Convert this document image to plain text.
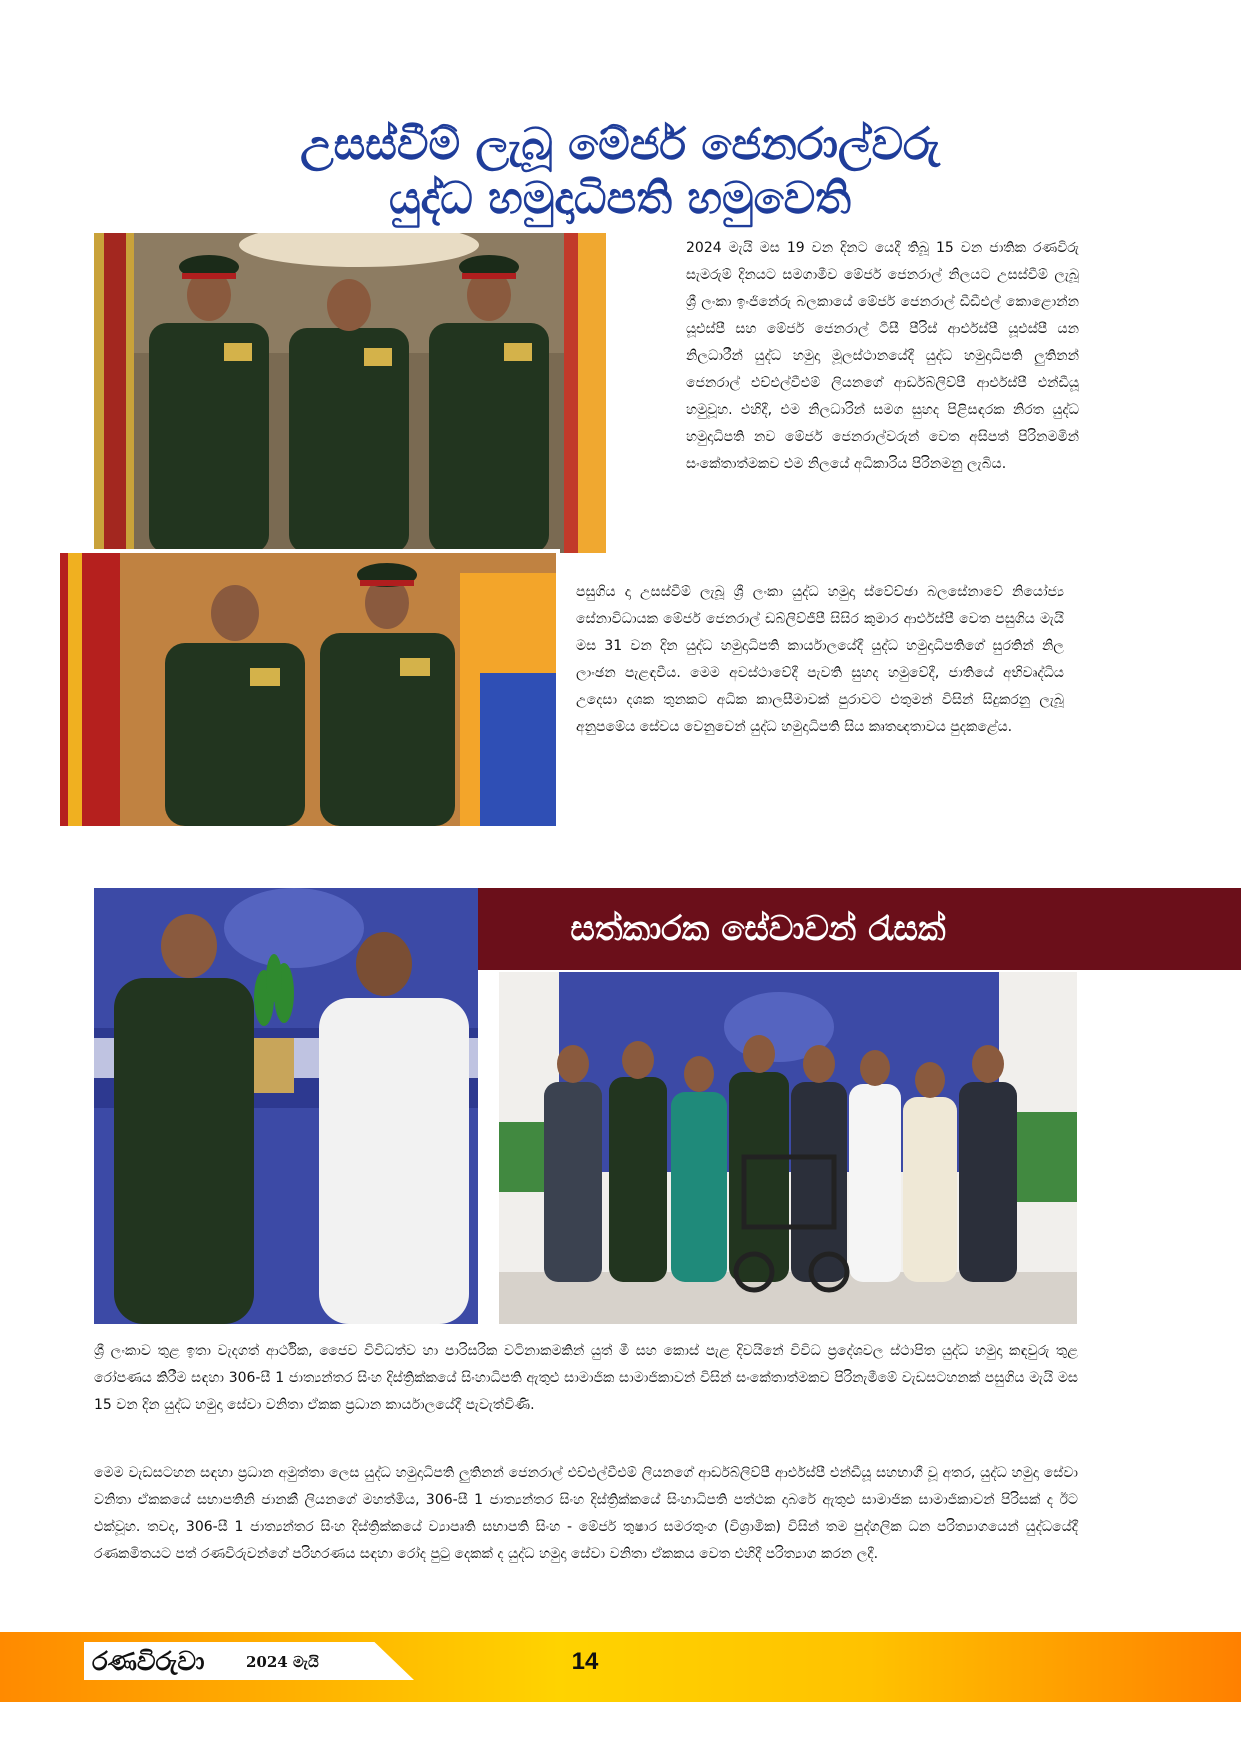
උසස්වීම් ලැබූ මේජර් ජෙනරාල්වරු
යුද්ධ හමුදාධිපති හමුවෙති

2024 මැයි මස 19 වන දිනට යෙදී තිබූ 15 වන ජාතික රණවිරු සැමරුම් දිනයට සමගාමීව මේජර් ජෙනරාල් නිලයට උසස්වීම් ලැබූ ශ්‍රී ලංකා ඉංජිනේරු බලකායේ මේජර් ජෙනරාල් ඩීඩීඑල් කොළොන්න යූඑස්පී සහ මේජර් ජෙනරාල් ටීසී පීරිස් ආර්එස්පී යූඑස්පී යන නිලධාරීන් යුද්ධ හමුදා මූලස්ථානයේදී යුද්ධ හමුදාධිපති ලුතිනන් ජෙනරාල් එච්එල්වීඑම් ලියනගේ ආර්ඩබ්ලිව්පී ආර්එස්පී එන්ඩීයූ හමුවූහ. එහිදී, එම නිලධාරින් සමග සුහද පිළිසඳරක නිරත යුද්ධ හමුදාධිපති නව මේජර් ජෙනරාල්වරුන් වෙත අසිපත් පිරිනමමින් සංකේතාත්මකව එම නිලයේ අධිකාරිය පිරිනමනු ලැබිය.

පසුගිය දා උසස්වීම් ලැබූ ශ්‍රී ලංකා යුද්ධ හමුදා ස්වේච්ඡා බලසේනාවේ නියෝජ්‍ය සේනාවිධායක මේජර් ජෙනරාල් ඩබ්ලිව්ජීපී සිසිර කුමාර ආර්එස්පී වෙත පසුගිය මැයි මස 31 වන දින යුද්ධ හමුදාධිපති කාර්යාලයේදී යුද්ධ හමුදාධිපතිගේ සුරතින් නිල ලාංඡන පැළඳවීය. මෙම අවස්ථාවේදී පැවති සුහද හමුවේදී, ජාතියේ අභිවෘද්ධිය උදෙසා දශක තුනකට අධික කාලසීමාවක් පුරාවට එතුමන් විසින් සිදුකරනු ලැබූ අනුපමේය සේවය වෙනුවෙන් යුද්ධ හමුදාධිපති සිය කෘතඥතාවය පුදකළේය.

සත්කාරක සේවාවන් රැසක්

ශ්‍රී ලංකාව තුළ ඉතා වැදගත් ආර්ථික, ජෛව විවිධත්ව හා පාරිසරික වටිනාකමකින් යුත් මී සහ කොස් පැළ දිවයිනේ විවිධ ප්‍රදේශවල ස්ථාපිත යුද්ධ හමුදා කඳවුරු තුළ රෝපණය කිරීම සඳහා 306-සී 1 ජාත්‍යන්තර සිංහ දිස්ත්‍රික්කයේ සිංහාධිපති ඇතුළු සාමාජික සාමාජිකාවන් විසින් සංකේතාත්මකව පිරිනැමීමේ වැඩසටහනක් පසුගිය මැයි මස 15 වන දින යුද්ධ හමුදා සේවා වනිතා ඒකක ප්‍රධාන කාර්යාලයේදී පැවැත්විණි.

මෙම වැඩසටහන සඳහා ප්‍රධාන අමුත්තා ලෙස යුද්ධ හමුදාධිපති ලුතිනන් ජෙනරාල් එච්එල්වීඑම් ලියනගේ ආර්ඩබ්ලිව්පී ආර්එස්පී එන්ඩීයූ සහභාගී වූ අතර, යුද්ධ හමුදා සේවා වනිතා ඒකකයේ සභාපතිනි ජානකී ලියනගේ මහත්මිය, 306-සී 1 ජාත්‍යන්තර සිංහ දිස්ත්‍රික්කයේ සිංහාධිපති පත්ථක දාබරේ ඇතුළු සාමාජික සාමාජිකාවන් පිරිසක් ද ඊට එක්වූහ. තවද, 306-සී 1 ජාත්‍යන්තර සිංහ දිස්ත්‍රික්කයේ ව්‍යාපෘති සභාපති සිංහ - මේජර් තුෂාර සමරතුංග (විශ්‍රාමික) විසින් තම පුද්ගලික ධන පරිත්‍යාගයෙන් යුද්ධයේදී රණකමිතයට පත් රණවිරුවන්ගේ පරිහරණය සඳහා රෝද පුටු දෙකක් ද යුද්ධ හමුදා සේවා වනිතා ඒකකය වෙත එහිදී පරිත්‍යාග කරන ලදී.

රණවිරුවා	2024 මැයි	14
